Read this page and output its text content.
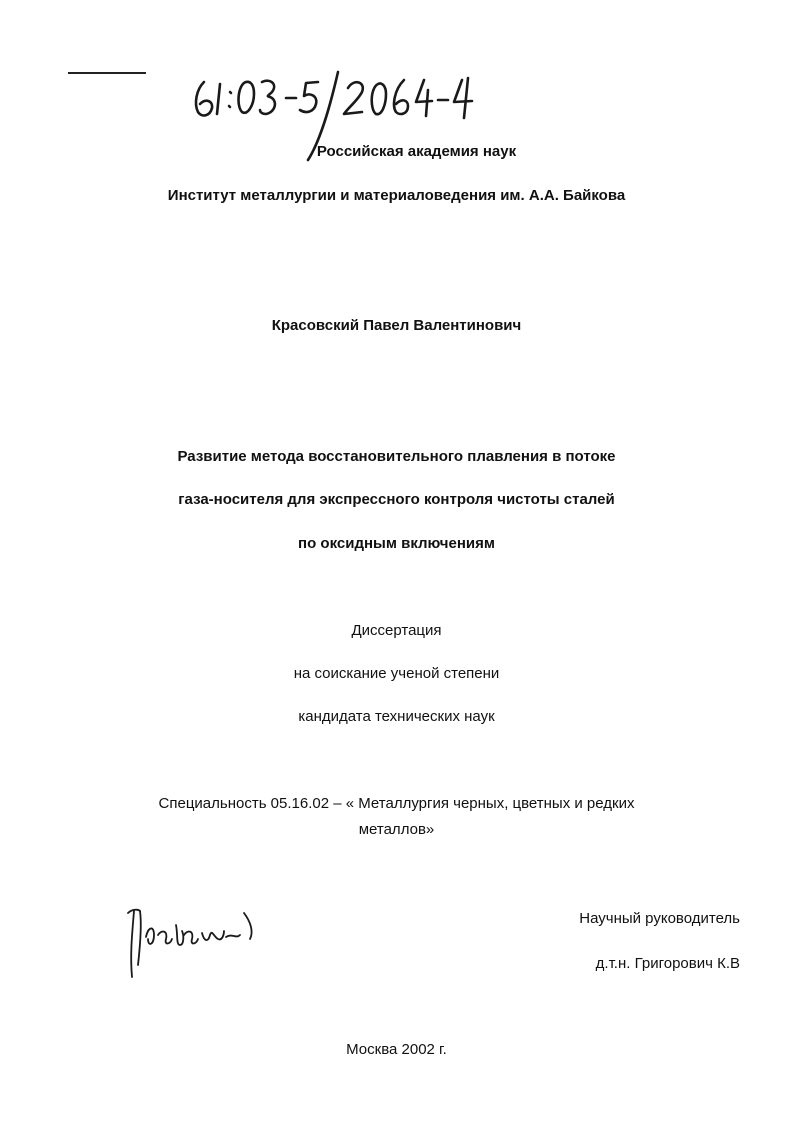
Российская академия наук
Институт металлургии и материаловедения им. А.А. Байкова
Красовский Павел Валентинович
Развитие метода восстановительного плавления в потоке
газа-носителя для экспрессного контроля чистоты сталей
по оксидным включениям
Диссертация
на соискание ученой степени
кандидата технических наук
Специальность 05.16.02 – « Металлургия черных, цветных и редких
металлов»
Научный руководитель
д.т.н. Григорович К.В
Москва 2002 г.
